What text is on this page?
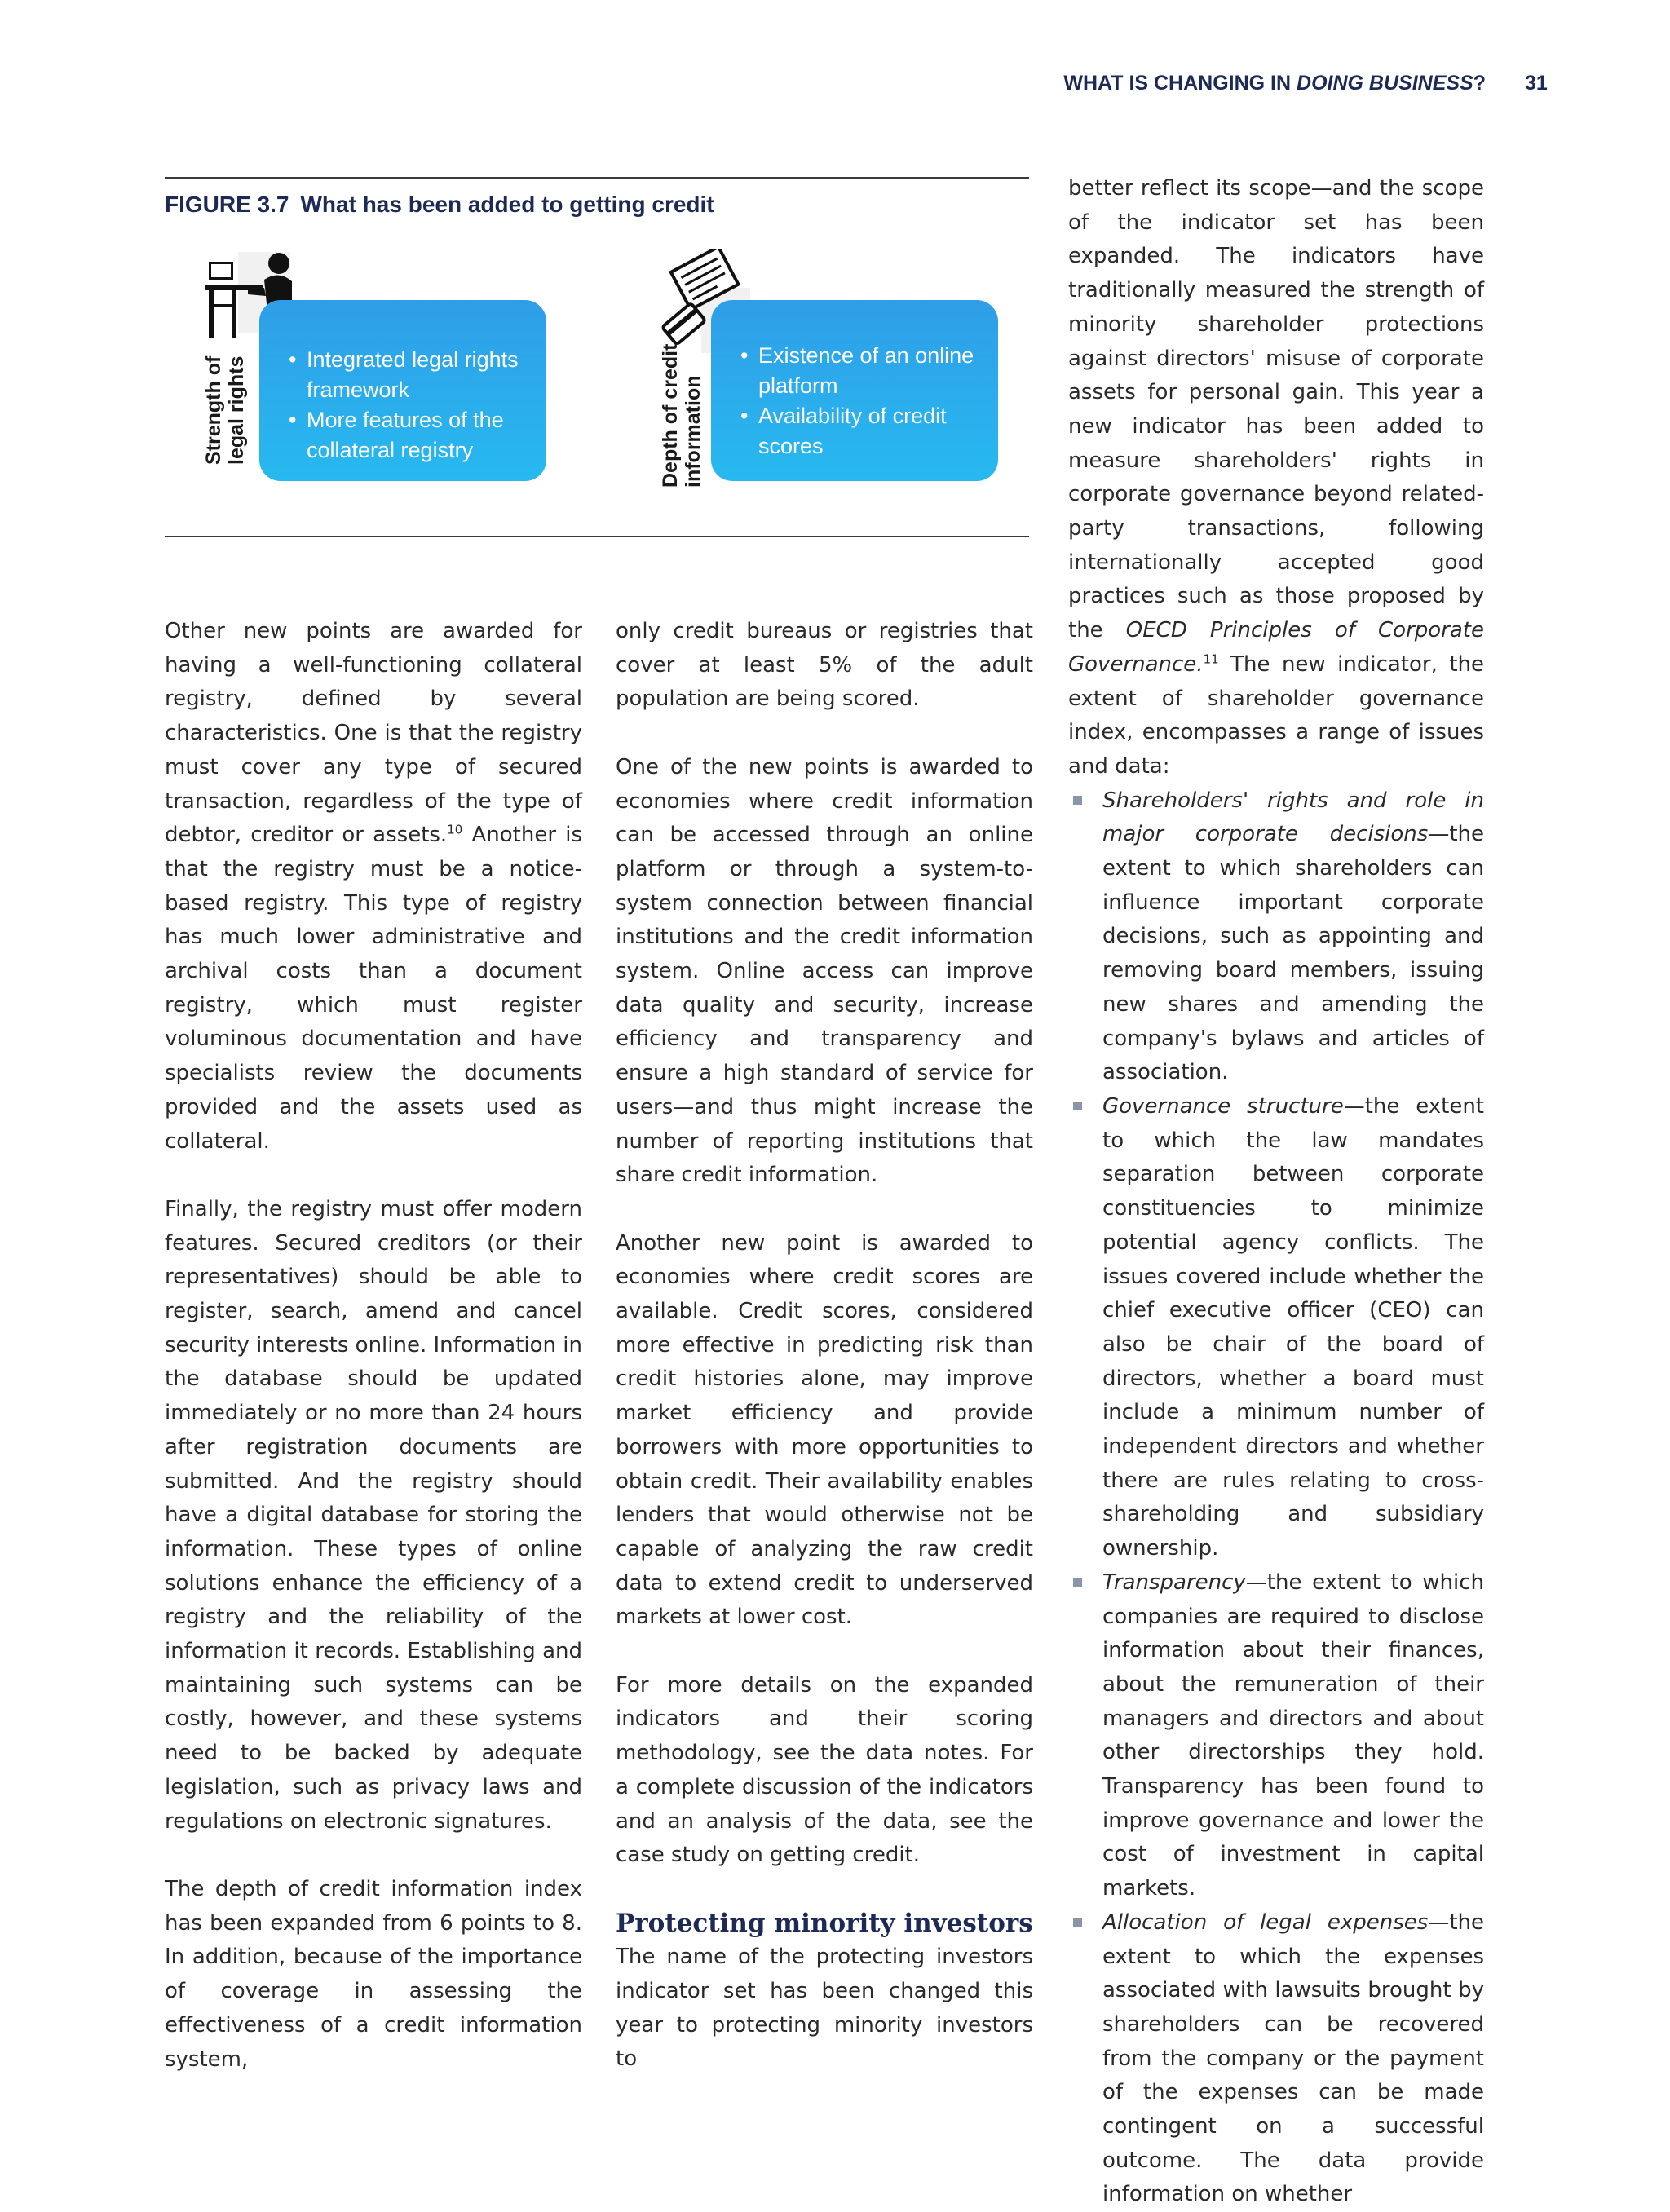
WHAT IS CHANGING IN DOING BUSINESS? 31
FIGURE 3.7 What has been added to getting credit
• Integrated legal rights framework
• More features of the collateral registry
Strength of legal rights
• Existence of an online platform
• Availability of credit scores
Depth of credit information

Other new points are awarded for having a well-functioning collateral registry, defined by several characteristics. One is that the registry must cover any type of secured transaction, regardless of the type of debtor, creditor or assets.$^{10}$ Another is that the registry must be a notice-based registry. This type of registry has much lower administrative and archival costs than a document registry, which must register voluminous documentation and have specialists review the documents provided and the assets used as collateral.

Finally, the registry must offer modern features. Secured creditors (or their representatives) should be able to register, search, amend and cancel security interests online. Information in the database should be updated immediately or no more than 24 hours after registration documents are submitted. And the registry should have a digital database for storing the information. These types of online solutions enhance the efficiency of a registry and the reliability of the information it records. Establishing and maintaining such systems can be costly, however, and these systems need to be backed by adequate legislation, such as privacy laws and regulations on electronic signatures.

The depth of credit information index has been expanded from 6 points to 8. In addition, because of the importance of coverage in assessing the effectiveness of a credit information system,

only credit bureaus or registries that cover at least 5% of the adult population are being scored.

One of the new points is awarded to economies where credit information can be accessed through an online platform or through a system-to-system connection between financial institutions and the credit information system. Online access can improve data quality and security, increase efficiency and transparency and ensure a high standard of service for users—and thus might increase the number of reporting institutions that share credit information.

Another new point is awarded to economies where credit scores are available. Credit scores, considered more effective in predicting risk than credit histories alone, may improve market efficiency and provide borrowers with more opportunities to obtain credit. Their availability enables lenders that would otherwise not be capable of analyzing the raw credit data to extend credit to underserved markets at lower cost.

For more details on the expanded indicators and their scoring methodology, see the data notes. For a complete discussion of the indicators and an analysis of the data, see the case study on getting credit.

Protecting minority investors

The name of the protecting investors indicator set has been changed this year to protecting minority investors to

better reflect its scope—and the scope of the indicator set has been expanded. The indicators have traditionally measured the strength of minority shareholder protections against directors' misuse of corporate assets for personal gain. This year a new indicator has been added to measure shareholders' rights in corporate governance beyond related-party transactions, following internationally accepted good practices such as those proposed by the OECD Principles of Corporate Governance.$^{11}$ The new indicator, the extent of shareholder governance index, encompasses a range of issues and data:

Shareholders' rights and role in major corporate decisions—the extent to which shareholders can influence important corporate decisions, such as appointing and removing board members, issuing new shares and amending the company's bylaws and articles of association.
Governance structure—the extent to which the law mandates separation between corporate constituencies to minimize potential agency conflicts. The issues covered include whether the chief executive officer (CEO) can also be chair of the board of directors, whether a board must include a minimum number of independent directors and whether there are rules relating to cross-shareholding and subsidiary ownership.
Transparency—the extent to which companies are required to disclose information about their finances, about the remuneration of their managers and directors and about other directorships they hold. Transparency has been found to improve governance and lower the cost of investment in capital markets.
Allocation of legal expenses—the extent to which the expenses associated with lawsuits brought by shareholders can be recovered from the company or the payment of the expenses can be made contingent on a successful outcome. The data provide information on whether
